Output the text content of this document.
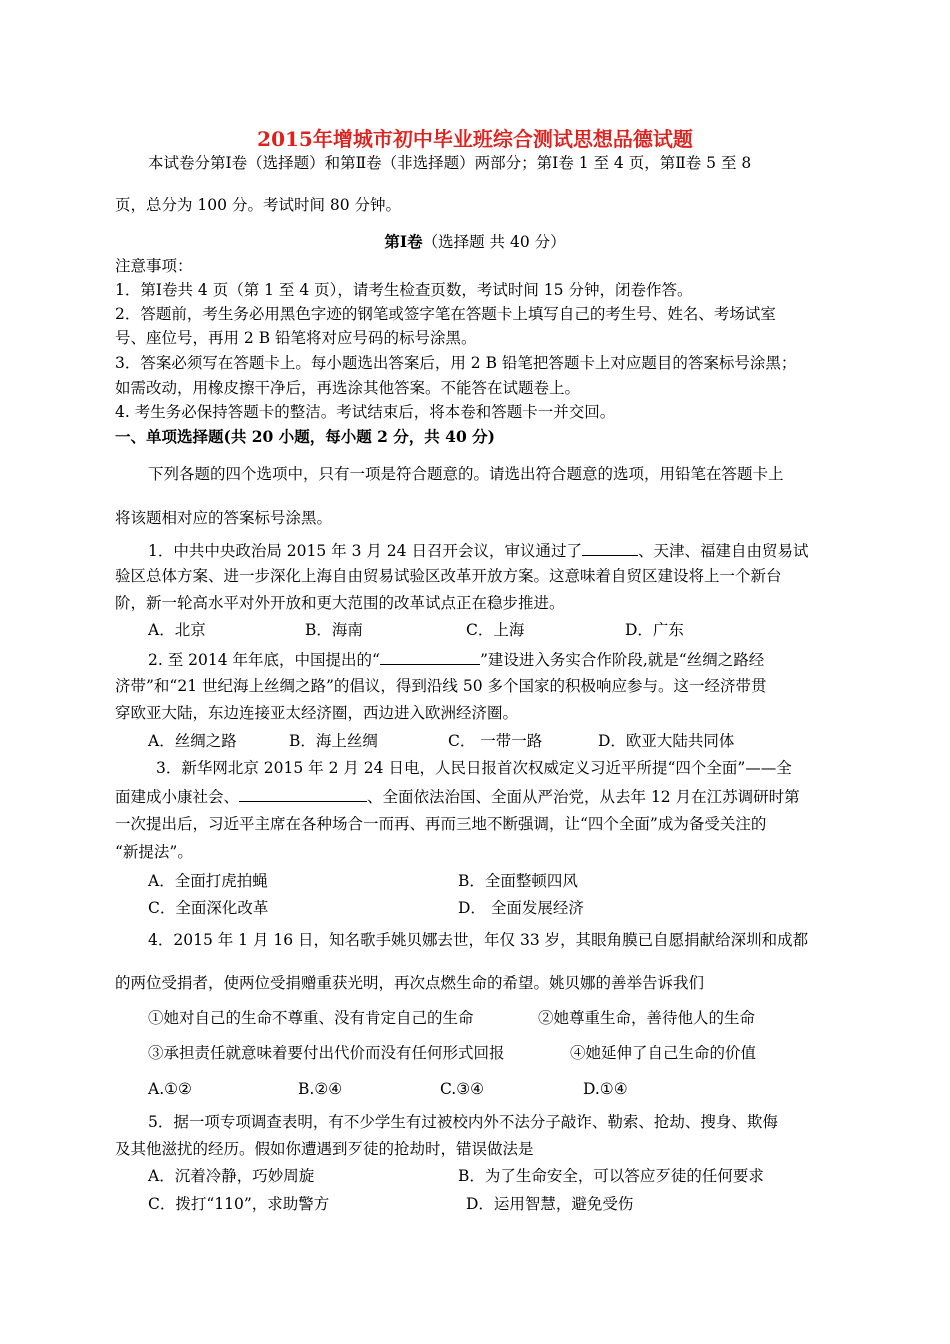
2015年增城市初中毕业班综合测试思想品德试题
本试卷分第Ⅰ卷（选择题）和第Ⅱ卷（非选择题）两部分；第Ⅰ卷 1 至 4 页，第Ⅱ卷 5 至 8
页，总分为 100 分。考试时间 80 分钟。
第Ⅰ卷（选择题 共 40 分）
注意事项：
1．第Ⅰ卷共 4 页（第 1 至 4 页），请考生检查页数，考试时间 15 分钟，闭卷作答。
2．答题前，考生务必用黑色字迹的钢笔或签字笔在答题卡上填写自己的考生号、姓名、考场试室
号、座位号，再用 2 B 铅笔将对应号码的标号涂黑。
3．答案必须写在答题卡上。每小题选出答案后，用 2 B 铅笔把答题卡上对应题目的答案标号涂黑；
如需改动，用橡皮擦干净后，再选涂其他答案。不能答在试题卷上。
4. 考生务必保持答题卡的整洁。考试结束后，将本卷和答题卡一并交回。
一、单项选择题(共 20 小题，每小题 2 分，共 40 分)
下列各题的四个选项中，只有一项是符合题意的。请选出符合题意的选项，用铅笔在答题卡上
将该题相对应的答案标号涂黑。
1．中共中央政治局 2015 年 3 月 24 日召开会议，审议通过了	、天津、福建自由贸易试
验区总体方案、进一步深化上海自由贸易试验区改革开放方案。这意味着自贸区建设将上一个新台
阶，新一轮高水平对外开放和更大范围的改革试点正在稳步推进。
A．北京	B．海南	C．上海	D．广东
2. 至 2014 年年底，中国提出的“	”建设进入务实合作阶段,就是“丝绸之路经
济带”和“21 世纪海上丝绸之路”的倡议，得到沿线 50 多个国家的积极响应参与。这一经济带贯
穿欧亚大陆，东边连接亚太经济圈，西边进入欧洲经济圈。
A．丝绸之路	B．海上丝绸	C． 一带一路	D．欧亚大陆共同体
3．新华网北京 2015 年 2 月 24 日电，人民日报首次权威定义习近平所提“四个全面”——全
面建成小康社会、	、全面依法治国、全面从严治党，从去年 12 月在江苏调研时第
一次提出后，习近平主席在各种场合一而再、再而三地不断强调，让“四个全面”成为备受关注的
“新提法”。
A．全面打虎拍蝇	B．全面整顿四风
C．全面深化改革	D． 全面发展经济
4．2015 年 1 月 16 日，知名歌手姚贝娜去世，年仅 33 岁，其眼角膜已自愿捐献给深圳和成都
的两位受捐者，使两位受捐赠重获光明，再次点燃生命的希望。姚贝娜的善举告诉我们
①她对自己的生命不尊重、没有肯定自己的生命	②她尊重生命，善待他人的生命
③承担责任就意味着要付出代价而没有任何形式回报	④她延伸了自己生命的价值
A.①②	B.②④	C.③④	D.①④
5．据一项专项调查表明，有不少学生有过被校内外不法分子敲诈、勒索、抢劫、搜身、欺侮
及其他滋扰的经历。假如你遭遇到歹徒的抢劫时，错误做法是
A．沉着冷静，巧妙周旋	B．为了生命安全，可以答应歹徒的任何要求
C．拨打“110”，求助警方	D．运用智慧，避免受伤
